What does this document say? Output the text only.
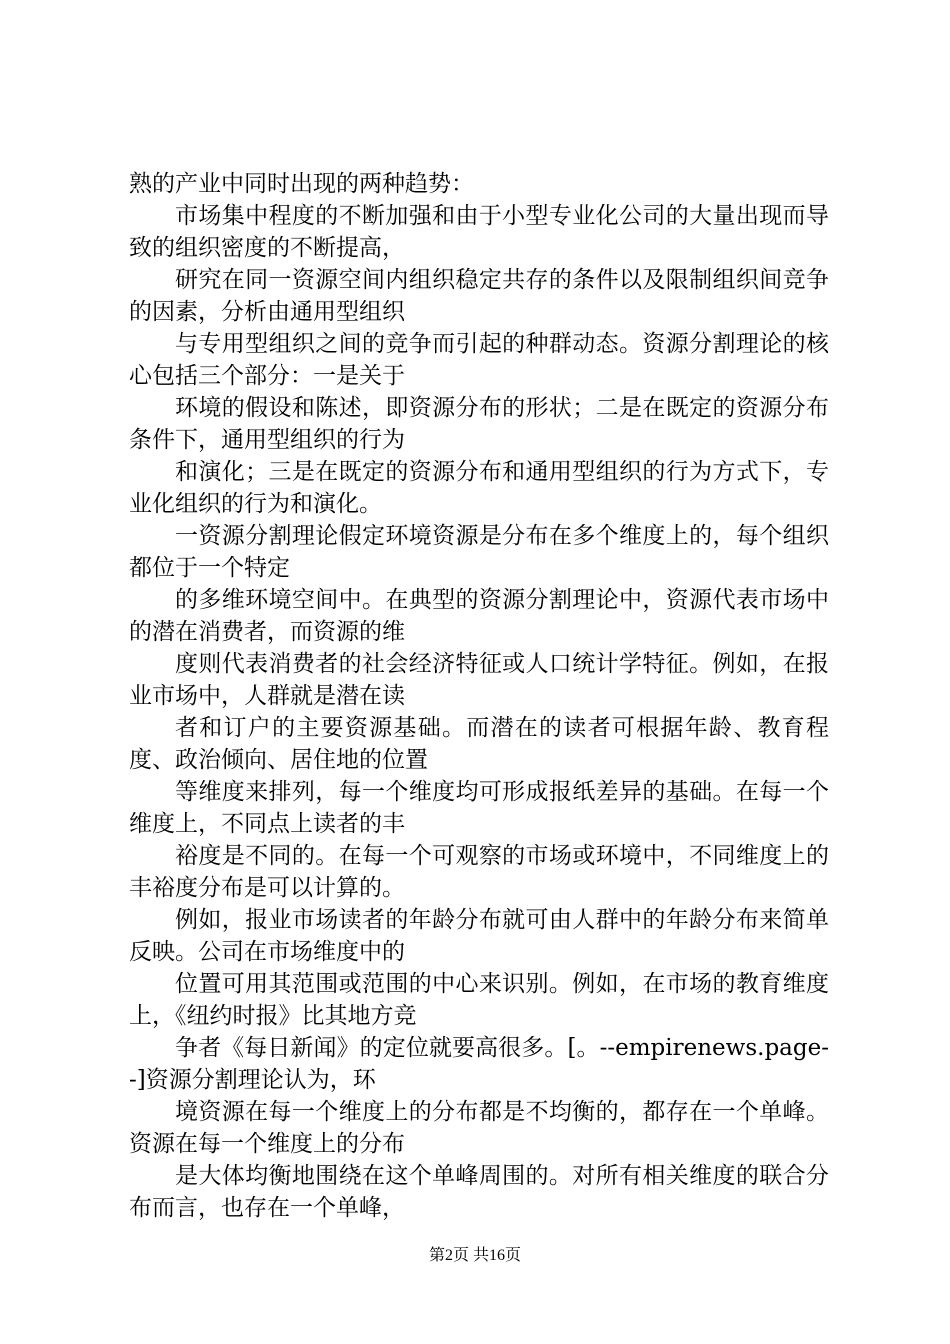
熟的产业中同时出现的两种趋势：

市场集中程度的不断加强和由于小型专业化公司的大量出现而导致的组织密度的不断提高，

研究在同一资源空间内组织稳定共存的条件以及限制组织间竞争的因素，分析由通用型组织

与专用型组织之间的竞争而引起的种群动态。资源分割理论的核心包括三个部分：一是关于

环境的假设和陈述，即资源分布的形状；二是在既定的资源分布条件下，通用型组织的行为

和演化；三是在既定的资源分布和通用型组织的行为方式下，专业化组织的行为和演化。

一资源分割理论假定环境资源是分布在多个维度上的，每个组织都位于一个特定

的多维环境空间中。在典型的资源分割理论中，资源代表市场中的潜在消费者，而资源的维

度则代表消费者的社会经济特征或人口统计学特征。例如，在报业市场中，人群就是潜在读

者和订户的主要资源基础。而潜在的读者可根据年龄、教育程度、政治倾向、居住地的位置

等维度来排列，每一个维度均可形成报纸差异的基础。在每一个维度上，不同点上读者的丰

裕度是不同的。在每一个可观察的市场或环境中，不同维度上的丰裕度分布是可以计算的。

例如，报业市场读者的年龄分布就可由人群中的年龄分布来简单反映。公司在市场维度中的

位置可用其范围或范围的中心来识别。例如，在市场的教育维度上，《纽约时报》比其地方竞

争者《每日新闻》的定位就要高很多。[。--empirenews.page--]资源分割理论认为，环

境资源在每一个维度上的分布都是不均衡的，都存在一个单峰。资源在每一个维度上的分布

是大体均衡地围绕在这个单峰周围的。对所有相关维度的联合分布而言，也存在一个单峰，

第2页 共16页
